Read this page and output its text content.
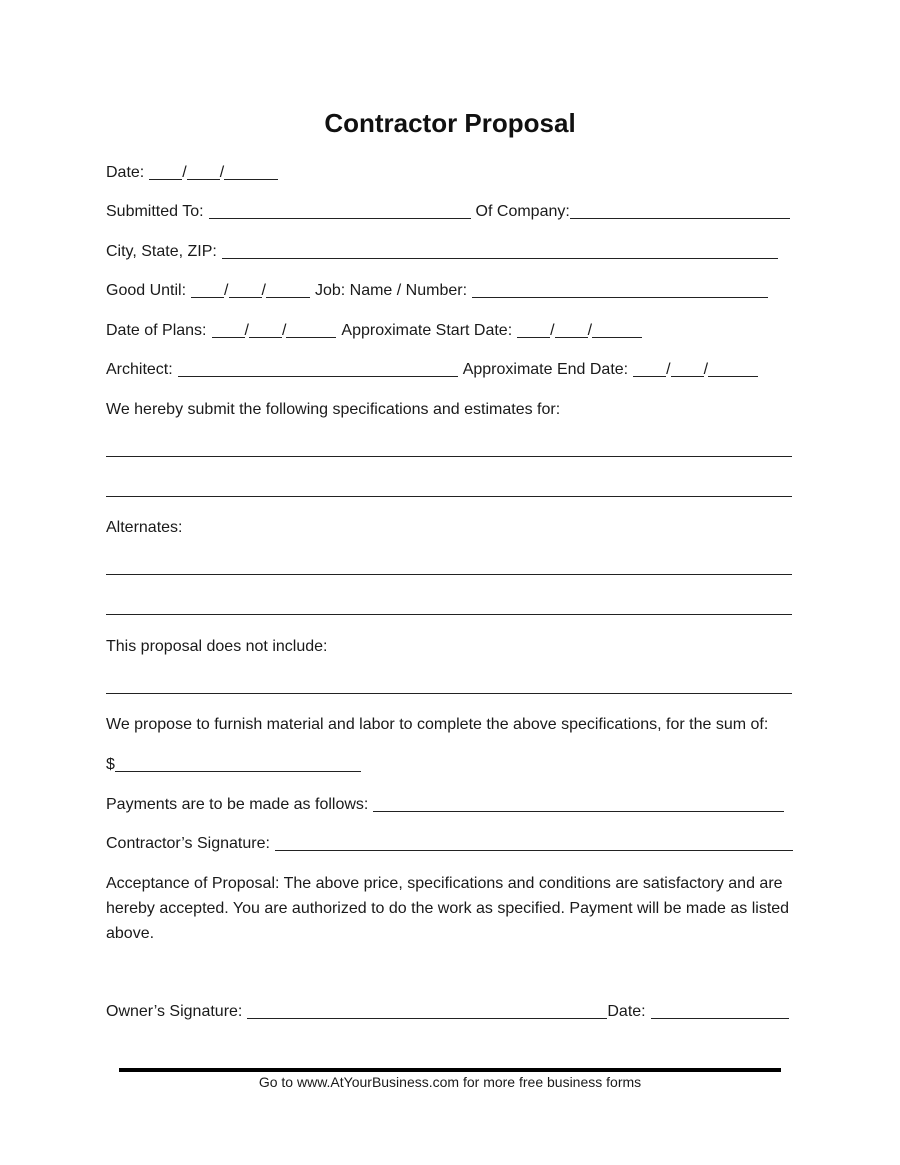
Contractor Proposal
Date: / /
Submitted To:	Of Company:
City, State, ZIP:
Good Until: / /	Job: Name / Number:
Date of Plans: / /	Approximate Start Date: / /
Architect:	Approximate End Date: / /
We hereby submit the following specifications and estimates for:
Alternates:
This proposal does not include:
We propose to furnish material and labor to complete the above specifications, for the sum of:
$
Payments are to be made as follows:
Contractor’s Signature:
Acceptance of Proposal: The above price, specifications and conditions are satisfactory and are hereby accepted. You are authorized to do the work as specified. Payment will be made as listed above.
Owner’s Signature:	Date:
Go to www.AtYourBusiness.com for more free business forms
